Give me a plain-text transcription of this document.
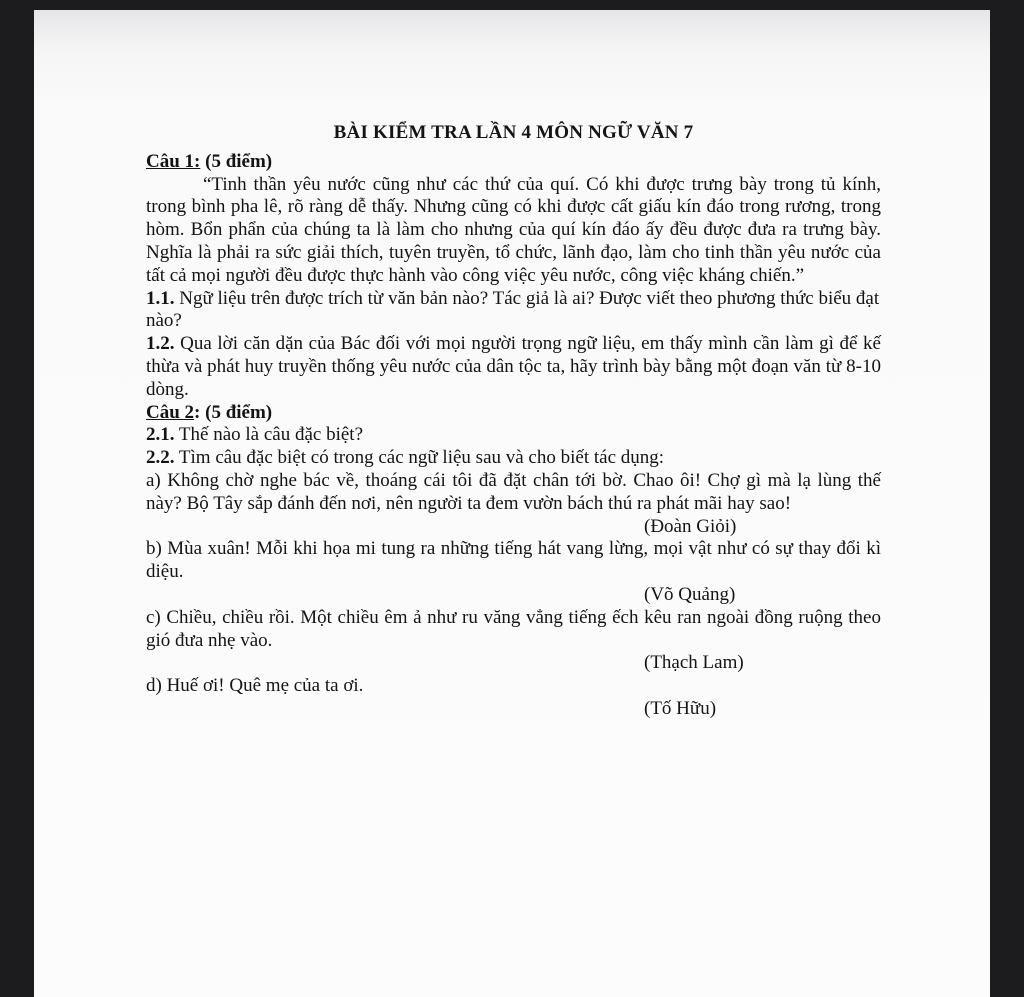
BÀI KIỂM TRA LẦN 4 MÔN NGỮ VĂN 7

Câu 1: (5 điểm)

“Tinh thần yêu nước cũng như các thứ của quí. Có khi được trưng bày trong tủ kính, trong bình pha lê, rõ ràng dễ thấy. Nhưng cũng có khi được cất giấu kín đáo trong rương, trong hòm. Bổn phẩn của chúng ta là làm cho nhưng của quí kín đáo ấy đều được đưa ra trưng bày. Nghĩa là phải ra sức giải thích, tuyên truyền, tổ chức, lãnh đạo, làm cho tinh thần yêu nước của tất cả mọi người đều được thực hành vào công việc yêu nước, công việc kháng chiến.”

1.1. Ngữ liệu trên được trích từ văn bản nào? Tác giả là ai? Được viết theo phương thức biểu đạt nào?

1.2. Qua lời căn dặn của Bác đối với mọi người trọng ngữ liệu, em thấy mình cần làm gì để kế thừa và phát huy truyền thống yêu nước của dân tộc ta, hãy trình bày bằng một đoạn văn từ 8-10 dòng.

Câu 2: (5 điểm)

2.1. Thế nào là câu đặc biệt?

2.2. Tìm câu đặc biệt có trong các ngữ liệu sau và cho biết tác dụng:

a) Không chờ nghe bác về, thoáng cái tôi đã đặt chân tới bờ. Chao ôi! Chợ gì mà lạ lùng thế này? Bộ Tây sắp đánh đến nơi, nên người ta đem vườn bách thú ra phát mãi hay sao!

(Đoàn Giỏi)

b) Mùa xuân! Mỗi khi họa mi tung ra những tiếng hát vang lừng, mọi vật như có sự thay đổi kì diệu.

(Võ Quảng)

c) Chiều, chiều rồi. Một chiều êm ả như ru văng vẳng tiếng ếch kêu ran ngoài đồng ruộng theo gió đưa nhẹ vào.

(Thạch Lam)

d) Huế ơi! Quê mẹ của ta ơi.

(Tố Hữu)
